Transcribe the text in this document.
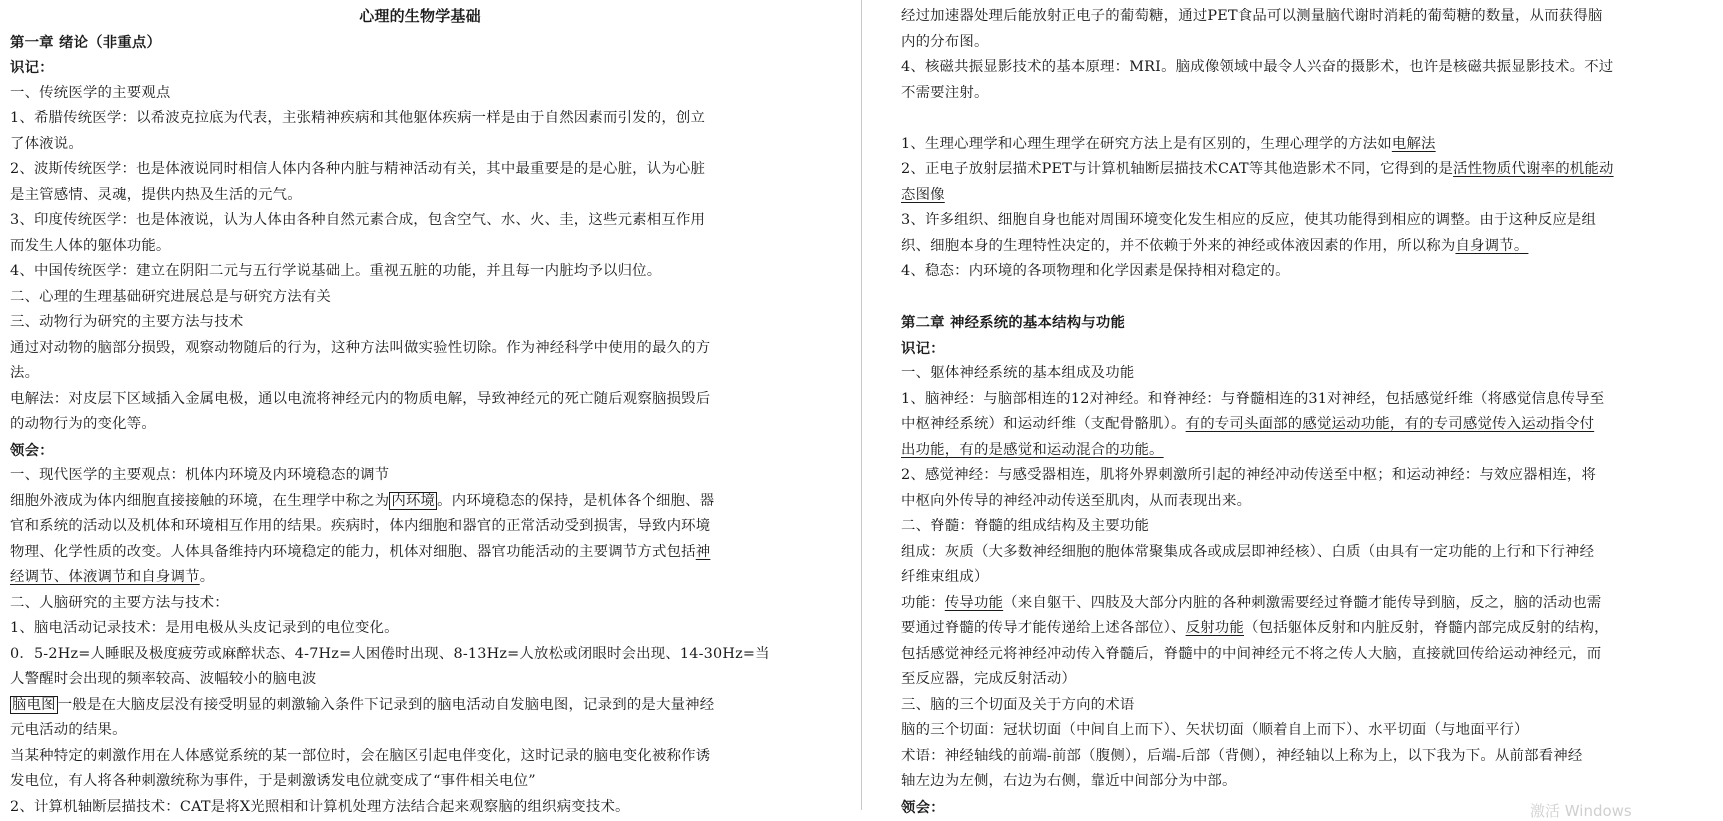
心理的生物学基础
第一章 绪论（非重点）
识记：
一、传统医学的主要观点
1、希腊传统医学：以希波克拉底为代表，主张精神疾病和其他躯体疾病一样是由于自然因素而引发的，创立
了体液说。
2、波斯传统医学：也是体液说同时相信人体内各种内脏与精神活动有关，其中最重要是的是心脏，认为心脏
是主管感情、灵魂，提供内热及生活的元气。
3、印度传统医学：也是体液说，认为人体由各种自然元素合成，包含空气、水、火、圭，这些元素相互作用
而发生人体的躯体功能。
4、中国传统医学：建立在阴阳二元与五行学说基础上。重视五脏的功能，并且每一内脏均予以归位。
二、心理的生理基础研究进展总是与研究方法有关
三、动物行为研究的主要方法与技术
通过对动物的脑部分损毁，观察动物随后的行为，这种方法叫做实验性切除。作为神经科学中使用的最久的方
法。
电解法：对皮层下区域插入金属电极，通以电流将神经元内的物质电解，导致神经元的死亡随后观察脑损毁后
的动物行为的变化等。
领会：
一、现代医学的主要观点：机体内环境及内环境稳态的调节
细胞外液成为体内细胞直接接触的环境，在生理学中称之为 内环境 。内环境稳态的保持，是机体各个细胞、器
官和系统的活动以及机体和环境相互作用的结果。疾病时，体内细胞和器官的正常活动受到损害，导致内环境
物理、化学性质的改变。人体具备维持内环境稳定的能力，机体对细胞、器官功能活动的主要调节方式包括神
经调节、体液调节和自身调节。
二、人脑研究的主要方法与技术：
1、脑电活动记录技术：是用电极从头皮记录到的电位变化。
0．5-2Hz=人睡眠及极度疲劳或麻醉状态、4-7Hz=人困倦时出现、8-13Hz=人放松或闭眼时会出现、14-30Hz=当
人警醒时会出现的频率较高、波幅较小的脑电波
脑电图 一般是在大脑皮层没有接受明显的刺激输入条件下记录到的脑电活动自发脑电图，记录到的是大量神经
元电活动的结果。
当某种特定的刺激作用在人体感觉系统的某一部位时，会在脑区引起电伴变化，这时记录的脑电变化被称作诱
发电位，有人将各种刺激统称为事件，于是刺激诱发电位就变成了“事件相关电位”
2、计算机轴断层描技术：CAT是将X光照相和计算机处理方法结合起来观察脑的组织病变技术。
经过加速器处理后能放射正电子的葡萄糖，通过PET食品可以测量脑代谢时消耗的葡萄糖的数量，从而获得脑
内的分布图。
4、核磁共振显影技术的基本原理：MRI。脑成像领域中最令人兴奋的摄影术，也许是核磁共振显影技术。不过
不需要注射。
1、生理心理学和心理生理学在研究方法上是有区别的，生理心理学的方法如电解法
2、正电子放射层描术PET与计算机轴断层描技术CAT等其他造影术不同，它得到的是活性物质代谢率的机能动
态图像
3、许多组织、细胞自身也能对周围环境变化发生相应的反应，使其功能得到相应的调整。由于这种反应是组
织、细胞本身的生理特性决定的，并不依赖于外来的神经或体液因素的作用，所以称为自身调节。
4、稳态：内环境的各项物理和化学因素是保持相对稳定的。
第二章 神经系统的基本结构与功能
识记：
一、躯体神经系统的基本组成及功能
1、脑神经：与脑部相连的12对神经。和脊神经：与脊髓相连的31对神经，包括感觉纤维（将感觉信息传导至
中枢神经系统）和运动纤维（支配骨骼肌）。有的专司头面部的感觉运动功能，有的专司感觉传入运动指令付
出功能，有的是感觉和运动混合的功能。
2、感觉神经：与感受器相连，肌将外界刺激所引起的神经冲动传送至中枢；和运动神经：与效应器相连，将
中枢向外传导的神经冲动传送至肌肉，从而表现出来。
二、脊髓：脊髓的组成结构及主要功能
组成：灰质（大多数神经细胞的胞体常聚集成各或成层即神经核）、白质（由具有一定功能的上行和下行神经
纤维束组成）
功能：传导功能（来自躯干、四肢及大部分内脏的各种刺激需要经过脊髓才能传导到脑，反之，脑的活动也需
要通过脊髓的传导才能传递给上述各部位）、反射功能（包括躯体反射和内脏反射，脊髓内部完成反射的结构，
包括感觉神经元将神经冲动传入脊髓后，脊髓中的中间神经元不将之传人大脑，直接就回传给运动神经元，而
至反应器，完成反射活动）
三、脑的三个切面及关于方向的术语
脑的三个切面：冠状切面（中间自上而下）、矢状切面（顺着自上而下）、水平切面（与地面平行）
术语：神经轴线的前端-前部（腹侧），后端-后部（背侧），神经轴以上称为上，以下我为下。从前部看神经
轴左边为左侧，右边为右侧，靠近中间部分为中部。
领会：	激活 Windows
